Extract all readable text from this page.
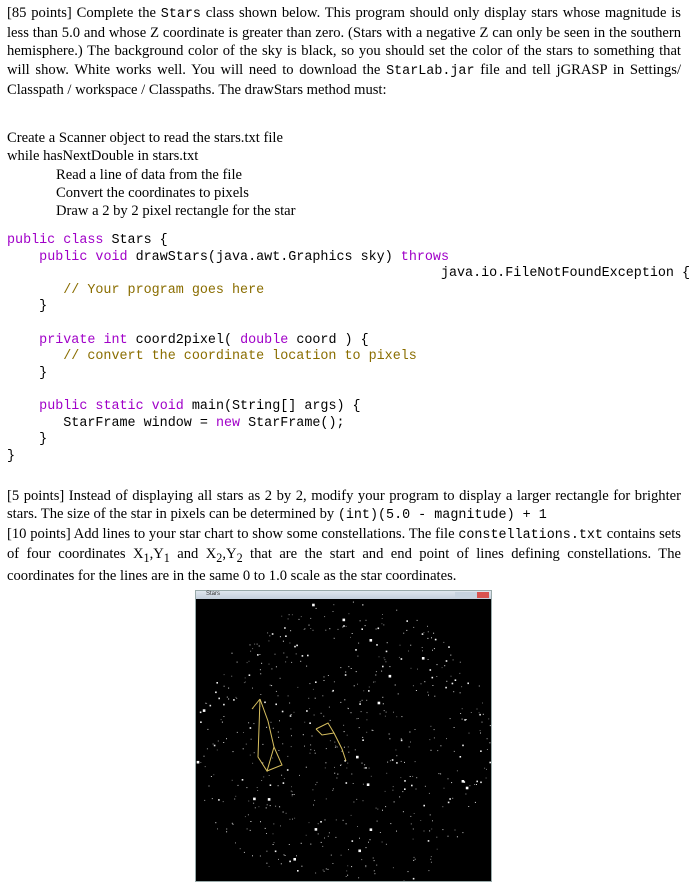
[85 points] Complete the Stars class shown below. This program should only display stars whose magnitude is less than 5.0 and whose Z coordinate is greater than zero. (Stars with a negative Z can only be seen in the southern hemisphere.) The background color of the sky is black, so you should set the color of the stars to something that will show. White works well. You will need to download the StarLab.jar file and tell jGRASP in Settings/ Classpath / workspace / Classpaths. The drawStars method must:
Create a Scanner object to read the stars.txt file
while hasNextDouble in stars.txt
Read a line of data from the file
Convert the coordinates to pixels
Draw a 2 by 2 pixel rectangle for the star
public class Stars {
public void drawStars(java.awt.Graphics sky) throws
java.io.FileNotFoundException {
// Your program goes here
}

private int coord2pixel( double coord ) {
// convert the coordinate location to pixels
}

public static void main(String[] args) {
StarFrame window = new StarFrame();
}
}
[5 points] Instead of displaying all stars as 2 by 2, modify your program to display a larger rectangle for brighter stars. The size of the star in pixels can be determined by (int)(5.0 - magnitude) + 1
[10 points] Add lines to your star chart to show some constellations. The file constellations.txt contains sets of four coordinates $X_1,Y_1$ and $X_2,Y_2$ that are the start and end point of lines defining constellations. The coordinates for the lines are in the same 0 to 1.0 scale as the star coordinates.
Stars
